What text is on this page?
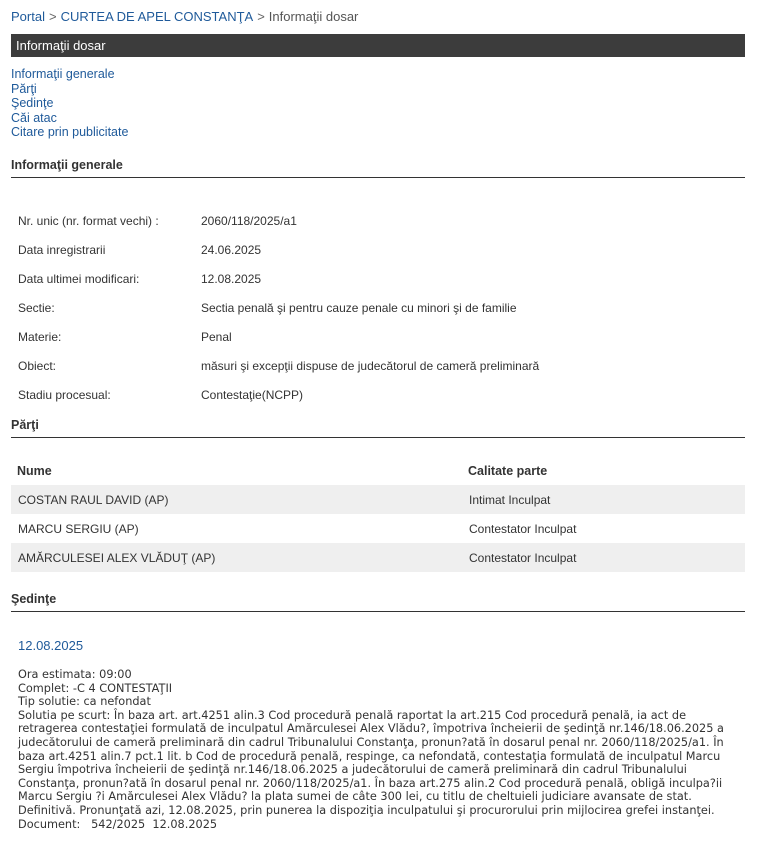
Portal > CURTEA DE APEL CONSTANŢA > Informaţii dosar
Informaţii dosar
Informaţii generale
Părţi
Şedinţe
Căi atac
Citare prin publicitate
Informaţii generale
Nr. unic (nr. format vechi) :	2060/118/2025/a1
Data inregistrarii	24.06.2025
Data ultimei modificari:	12.08.2025
Sectie:	Sectia penală şi pentru cauze penale cu minori şi de familie
Materie:	Penal
Obiect:	măsuri şi excepţii dispuse de judecătorul de cameră preliminară
Stadiu procesual:	Contestaţie(NCPP)
Părţi
Nume	Calitate parte
COSTAN RAUL DAVID (AP)	Intimat Inculpat
MARCU SERGIU (AP)	Contestator Inculpat
AMĂRCULESEI ALEX VLĂDUŢ (AP)	Contestator Inculpat
Şedinţe
12.08.2025
Ora estimata: 09:00
Complet: -C 4 CONTESTAŢII
Tip solutie: ca nefondat
Solutia pe scurt: În baza art. art.4251 alin.3 Cod procedură penală raportat la art.215 Cod procedură penală, ia act de retragerea contestaţiei formulată de inculpatul Amărculesei Alex Vlădu?, împotriva încheierii de şedinţă nr.146/18.06.2025 a judecătorului de cameră preliminară din cadrul Tribunalului Constanţa, pronun?ată în dosarul penal nr. 2060/118/2025/a1. În baza art.4251 alin.7 pct.1 lit. b Cod de procedură penală, respinge, ca nefondată, contestaţia formulată de inculpatul Marcu Sergiu împotriva încheierii de şedinţă nr.146/18.06.2025 a judecătorului de cameră preliminară din cadrul Tribunalului Constanţa, pronun?ată în dosarul penal nr. 2060/118/2025/a1. În baza art.275 alin.2 Cod procedură penală, obligă inculpa?ii Marcu Sergiu ?i Amărculesei Alex Vlădu? la plata sumei de câte 300 lei, cu titlu de cheltuieli judiciare avansate de stat. Definitivă. Pronunţată azi, 12.08.2025, prin punerea la dispoziţia inculpatului şi procurorului prin mijlocirea grefei instanţei.
Document:   542/2025  12.08.2025
